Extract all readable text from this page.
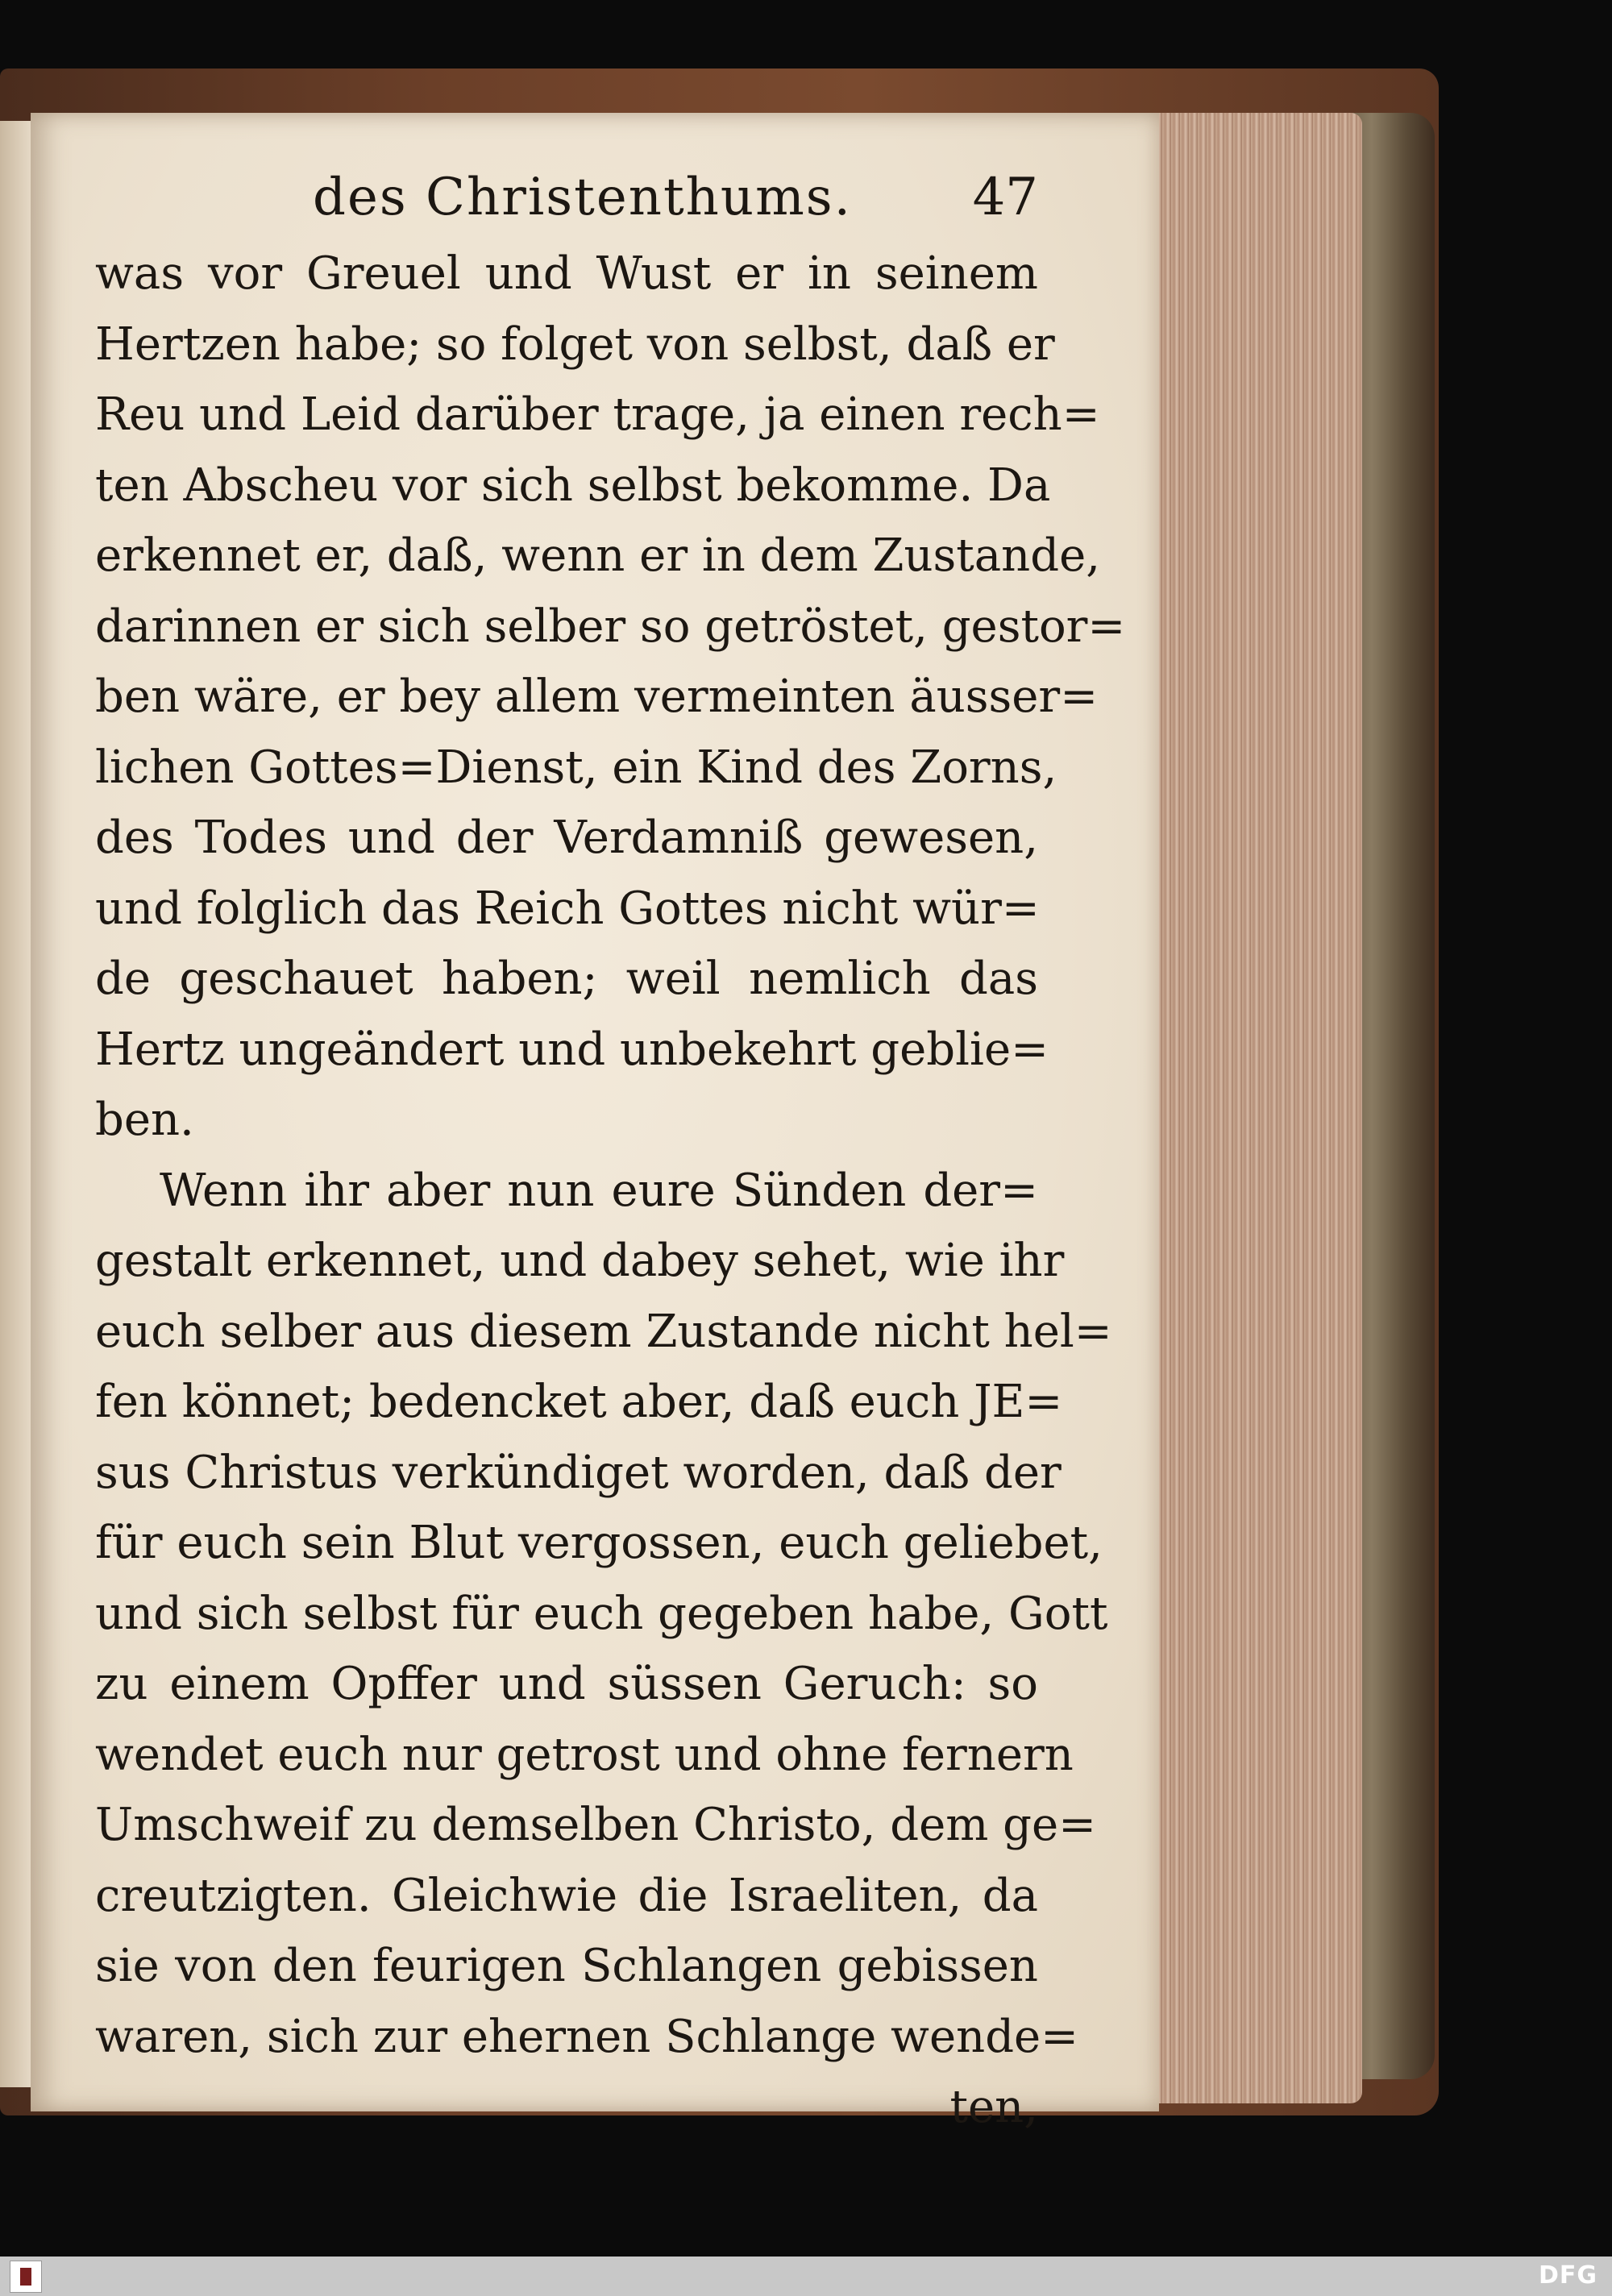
des Christenthums. 47
was vor Greuel und Wust er in seinem
Hertzen habe; so folget von selbst, daß er
Reu und Leid darüber trage, ja einen rech=
ten Abscheu vor sich selbst bekomme. Da
erkennet er, daß, wenn er in dem Zustande,
darinnen er sich selber so getröstet, gestor=
ben wäre, er bey allem vermeinten äusser=
lichen Gottes=Dienst, ein Kind des Zorns,
des Todes und der Verdamniß gewesen,
und folglich das Reich Gottes nicht wür=
de geschauet haben; weil nemlich das
Hertz ungeändert und unbekehrt geblie=
ben.
Wenn ihr aber nun eure Sünden der=
gestalt erkennet, und dabey sehet, wie ihr
euch selber aus diesem Zustande nicht hel=
fen könnet; bedencket aber, daß euch JE=
sus Christus verkündiget worden, daß der
für euch sein Blut vergossen, euch geliebet,
und sich selbst für euch gegeben habe, Gott
zu einem Opffer und süssen Geruch: so
wendet euch nur getrost und ohne fernern
Umschweif zu demselben Christo, dem ge=
creutzigten. Gleichwie die Israeliten, da
sie von den feurigen Schlangen gebissen
waren, sich zur ehernen Schlange wende=
ten,
DFG
